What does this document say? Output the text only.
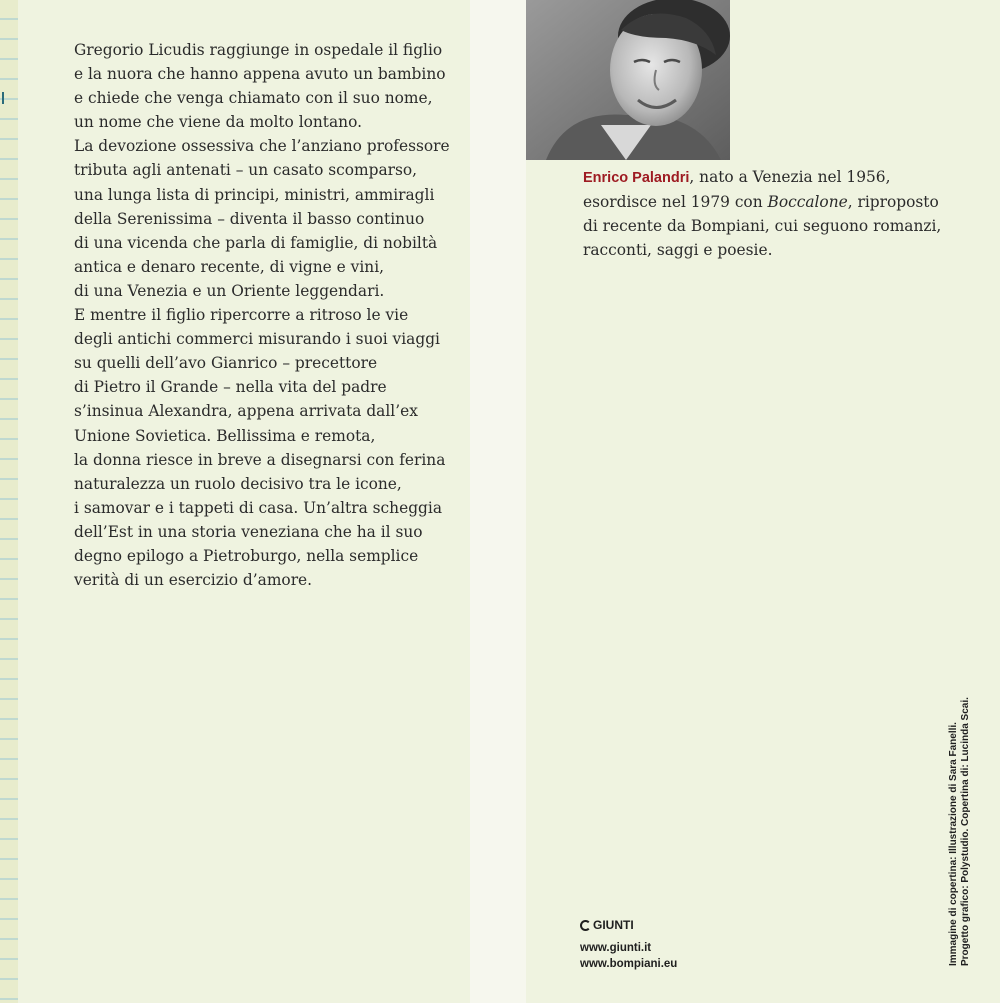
Gregorio Licudis raggiunge in ospedale il figlio
e la nuora che hanno appena avuto un bambino
e chiede che venga chiamato con il suo nome,
un nome che viene da molto lontano.
La devozione ossessiva che l’anziano professore
tributa agli antenati – un casato scomparso,
una lunga lista di principi, ministri, ammiragli
della Serenissima – diventa il basso continuo
di una vicenda che parla di famiglie, di nobiltà
antica e denaro recente, di vigne e vini,
di una Venezia e un Oriente leggendari.
E mentre il figlio ripercorre a ritroso le vie
degli antichi commerci misurando i suoi viaggi
su quelli dell’avo Gianrico – precettore
di Pietro il Grande – nella vita del padre
s’insinua Alexandra, appena arrivata dall’ex
Unione Sovietica. Bellissima e remota,
la donna riesce in breve a disegnarsi con ferina
naturalezza un ruolo decisivo tra le icone,
i samovar e i tappeti di casa. Un’altra scheggia
dell’Est in una storia veneziana che ha il suo
degno epilogo a Pietroburgo, nella semplice
verità di un esercizio d’amore.

Enrico Palandri, nato a Venezia nel 1956,
esordisce nel 1979 con Boccalone, riproposto
di recente da Bompiani, cui seguono romanzi,
racconti, saggi e poesie.

GIUNTI
www.giunti.it
www.bompiani.eu	Immagine di copertina: Illustrazione di Sara Fanelli. Progetto grafico: Polystudio. Copertina di: Lucinda Scai.
